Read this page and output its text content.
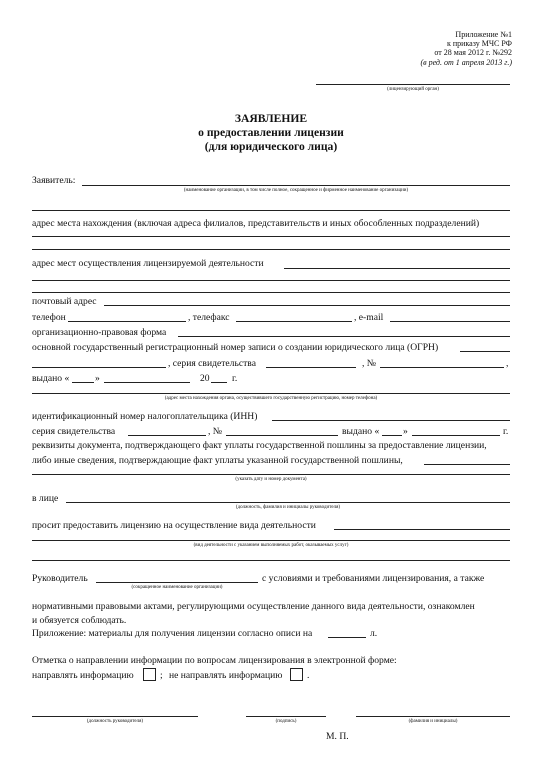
Приложение №1
к приказу МЧС РФ
от 28 мая 2012 г. №292
(в ред. от 1 апреля 2013 г.)
(лицензирующий орган)
ЗАЯВЛЕНИЕ
о предоставлении лицензии
(для юридического лица)
Заявитель:
(наименование организации, в том числе полное, сокращенное и фирменное наименование организации)
адрес места нахождения (включая адреса филиалов, представительств и иных обособленных подразделений)
адрес мест осуществления лицензируемой деятельности
почтовый адрес
телефон	, телефакс	, e-mail
организационно-правовая форма
основной государственный регистрационный номер записи о создании юридического лица (ОГРН)
, серия свидетельства	, №	,
выдано «	»	20 г.
(адрес места нахождения органа, осуществившего государственную регистрацию, номер телефона)
идентификационный номер налогоплательщика (ИНН)
серия свидетельства	, №	выдано « »	г.
реквизиты документа, подтверждающего факт уплаты государственной пошлины за предоставление лицензии,
либо иные сведения, подтверждающие факт уплаты указанной государственной пошлины,
(указать дату и номер документа)
в лице
(должность, фамилия и инициалы руководителя)
просит предоставить лицензию на осуществление вида деятельности
(вид деятельности с указанием выполняемых работ, оказываемых услуг)
Руководитель
(сокращенное наименование организации)
с условиями и требованиями лицензирования, а также
нормативными правовыми актами, регулирующими осуществление данного вида деятельности, ознакомлен
и обязуется соблюдать.
Приложение: материалы для получения лицензии согласно описи на	л.
Отметка о направлении информации по вопросам лицензирования в электронной форме:
направлять информацию	; не направлять информацию	.
(должность руководителя)	(подпись)	(фамилия и инициалы)
М. П.
